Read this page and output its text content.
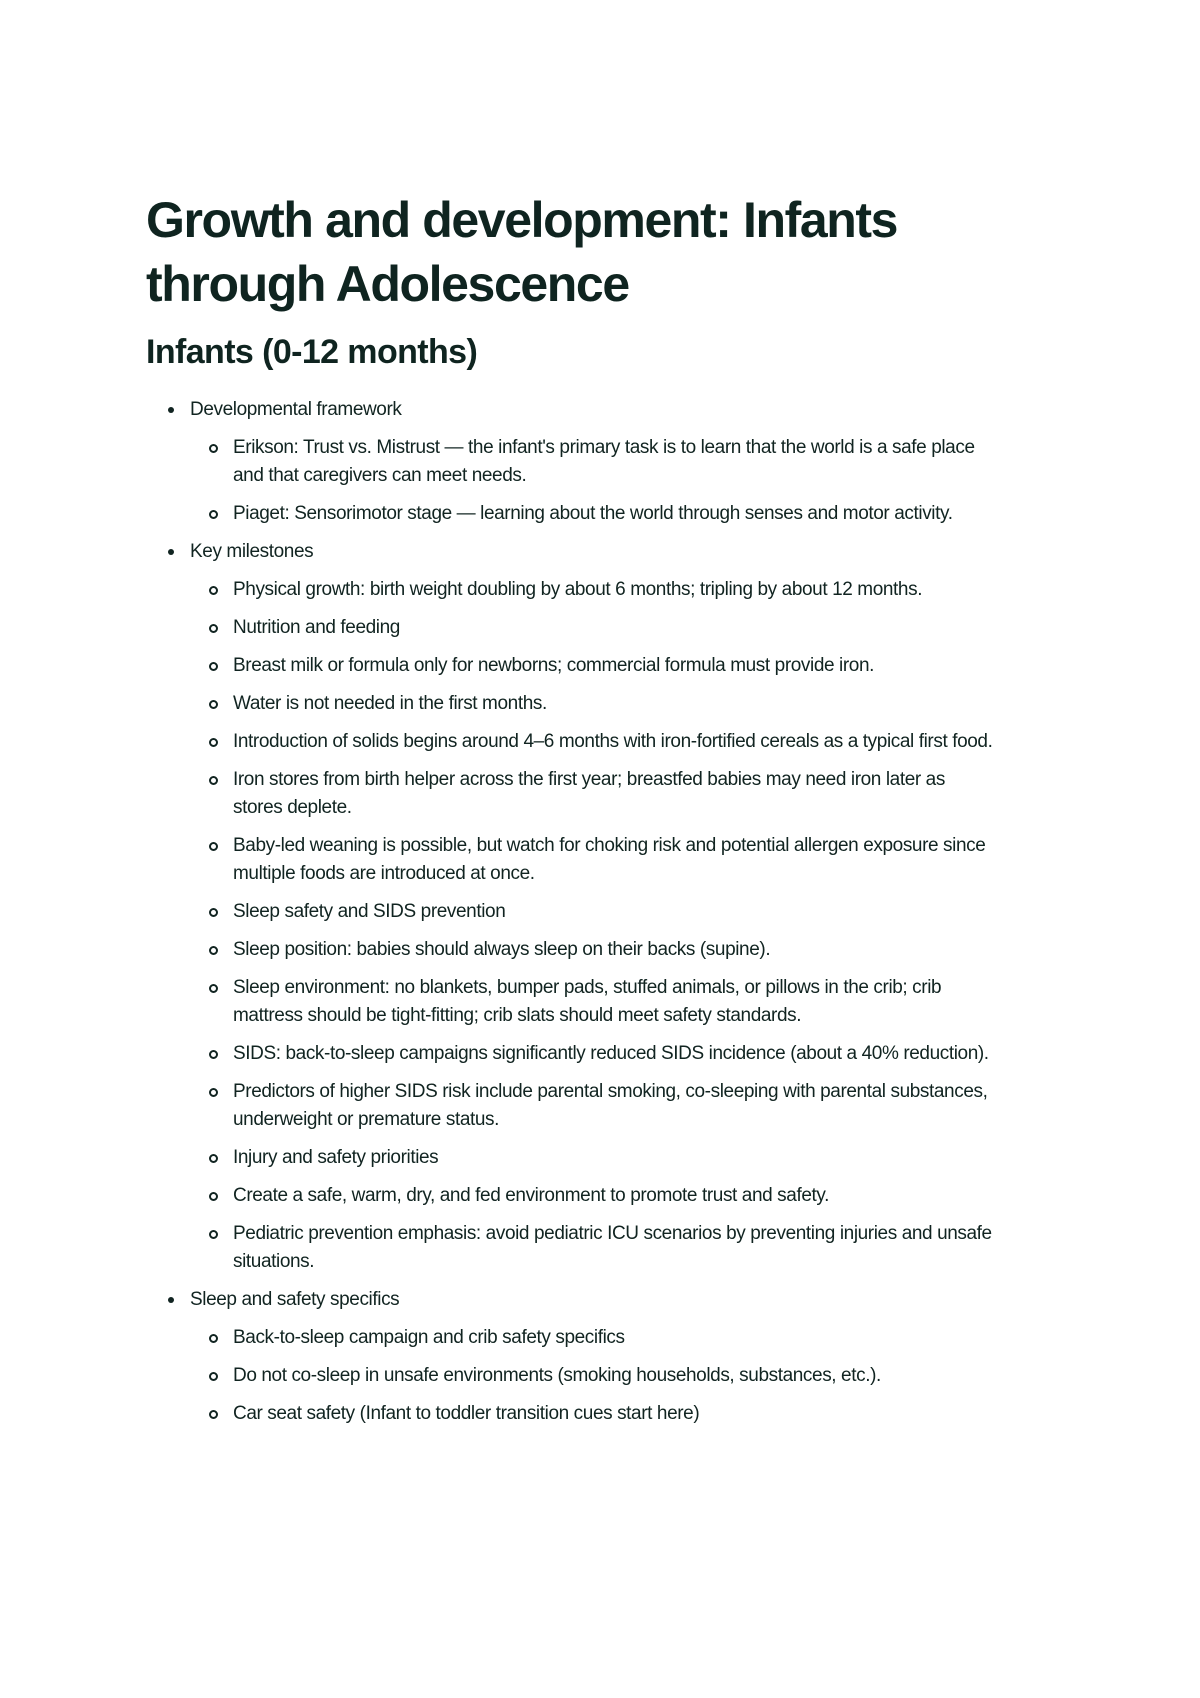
Growth and development: Infants through Adolescence
Infants (0-12 months)
Developmental framework
Erikson: Trust vs. Mistrust — the infant's primary task is to learn that the world is a safe place and that caregivers can meet needs.
Piaget: Sensorimotor stage — learning about the world through senses and motor activity.
Key milestones
Physical growth: birth weight doubling by about 6 months; tripling by about 12 months.
Nutrition and feeding
Breast milk or formula only for newborns; commercial formula must provide iron.
Water is not needed in the first months.
Introduction of solids begins around 4–6 months with iron-fortified cereals as a typical first food.
Iron stores from birth helper across the first year; breastfed babies may need iron later as stores deplete.
Baby-led weaning is possible, but watch for choking risk and potential allergen exposure since multiple foods are introduced at once.
Sleep safety and SIDS prevention
Sleep position: babies should always sleep on their backs (supine).
Sleep environment: no blankets, bumper pads, stuffed animals, or pillows in the crib; crib mattress should be tight-fitting; crib slats should meet safety standards.
SIDS: back-to-sleep campaigns significantly reduced SIDS incidence (about a 40% reduction).
Predictors of higher SIDS risk include parental smoking, co-sleeping with parental substances, underweight or premature status.
Injury and safety priorities
Create a safe, warm, dry, and fed environment to promote trust and safety.
Pediatric prevention emphasis: avoid pediatric ICU scenarios by preventing injuries and unsafe situations.
Sleep and safety specifics
Back-to-sleep campaign and crib safety specifics
Do not co-sleep in unsafe environments (smoking households, substances, etc.).
Car seat safety (Infant to toddler transition cues start here)
